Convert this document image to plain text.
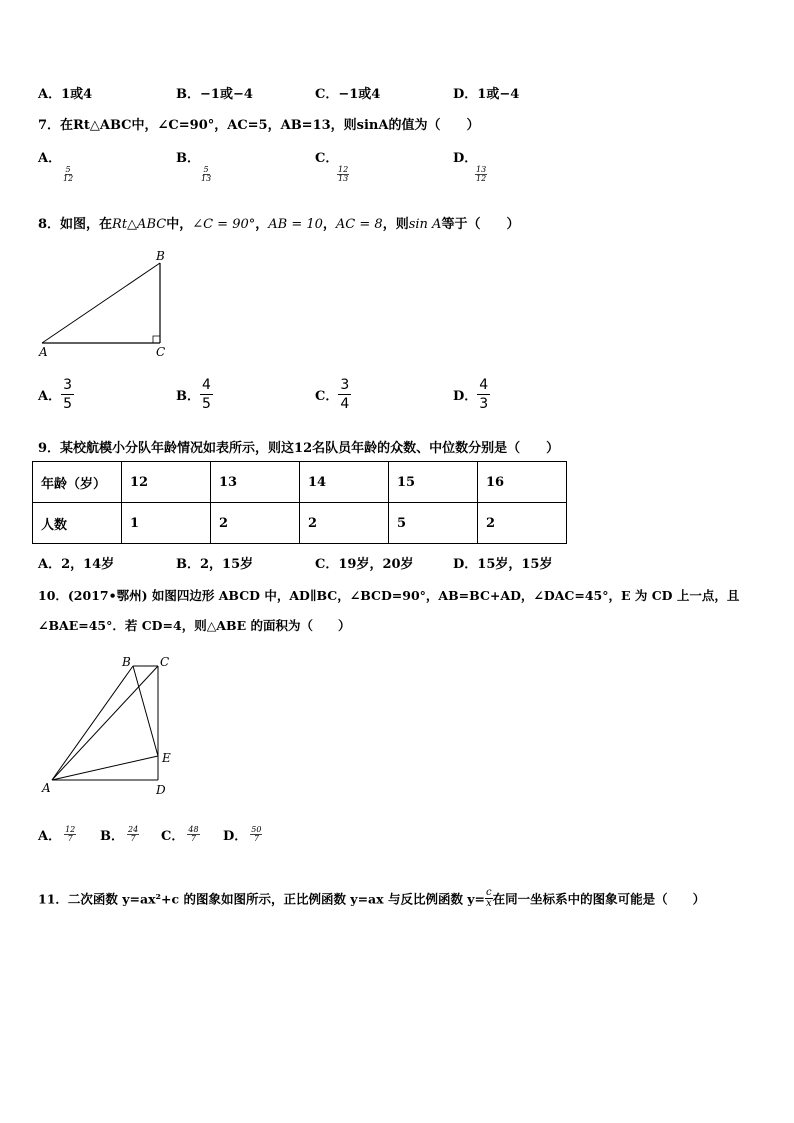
A．1或4	B．−1或−4	C．−1或4	D．1或−4
7．在Rt△ABC中，∠C=90°，AC=5，AB=13，则sinA的值为（　　）
A．

$\frac{5}{12}$
B．

$\frac{5}{13}$
C．

$\frac{12}{13}$
D．

$\frac{13}{12}$
8．如图，在Rt△ABC中，∠C = 90°，AB = 10，AC = 8，则sin A等于（　　）
A
B
C
A． $\frac{3}{5}$	B． $\frac{4}{5}$	C． $\frac{3}{4}$	D． $\frac{4}{3}$
9．某校航模小分队年龄情况如表所示，则这12名队员年龄的众数、中位数分别是（　　）
年龄（岁）	12	13	14	15	16
人数	1	2	2	5	2
A．2，14岁	B．2，15岁	C．19岁，20岁	D．15岁，15岁
10．(2017•鄂州) 如图四边形 ABCD 中，AD∥BC，∠BCD=90°，AB=BC+AD，∠DAC=45°，E 为 CD 上一点，且
∠BAE=45°．若 CD=4，则△ABE 的面积为（　　）
A
B C
D
E
A． $\frac{12}{7}$ B． $\frac{24}{7}$ C． $\frac{48}{7}$ D． $\frac{50}{7}$
11．二次函数 y=ax²+c 的图象如图所示，正比例函数 y=ax 与反比例函数 $y= \frac{c}{x}$ 在同一坐标系中的图象可能是（　　）
